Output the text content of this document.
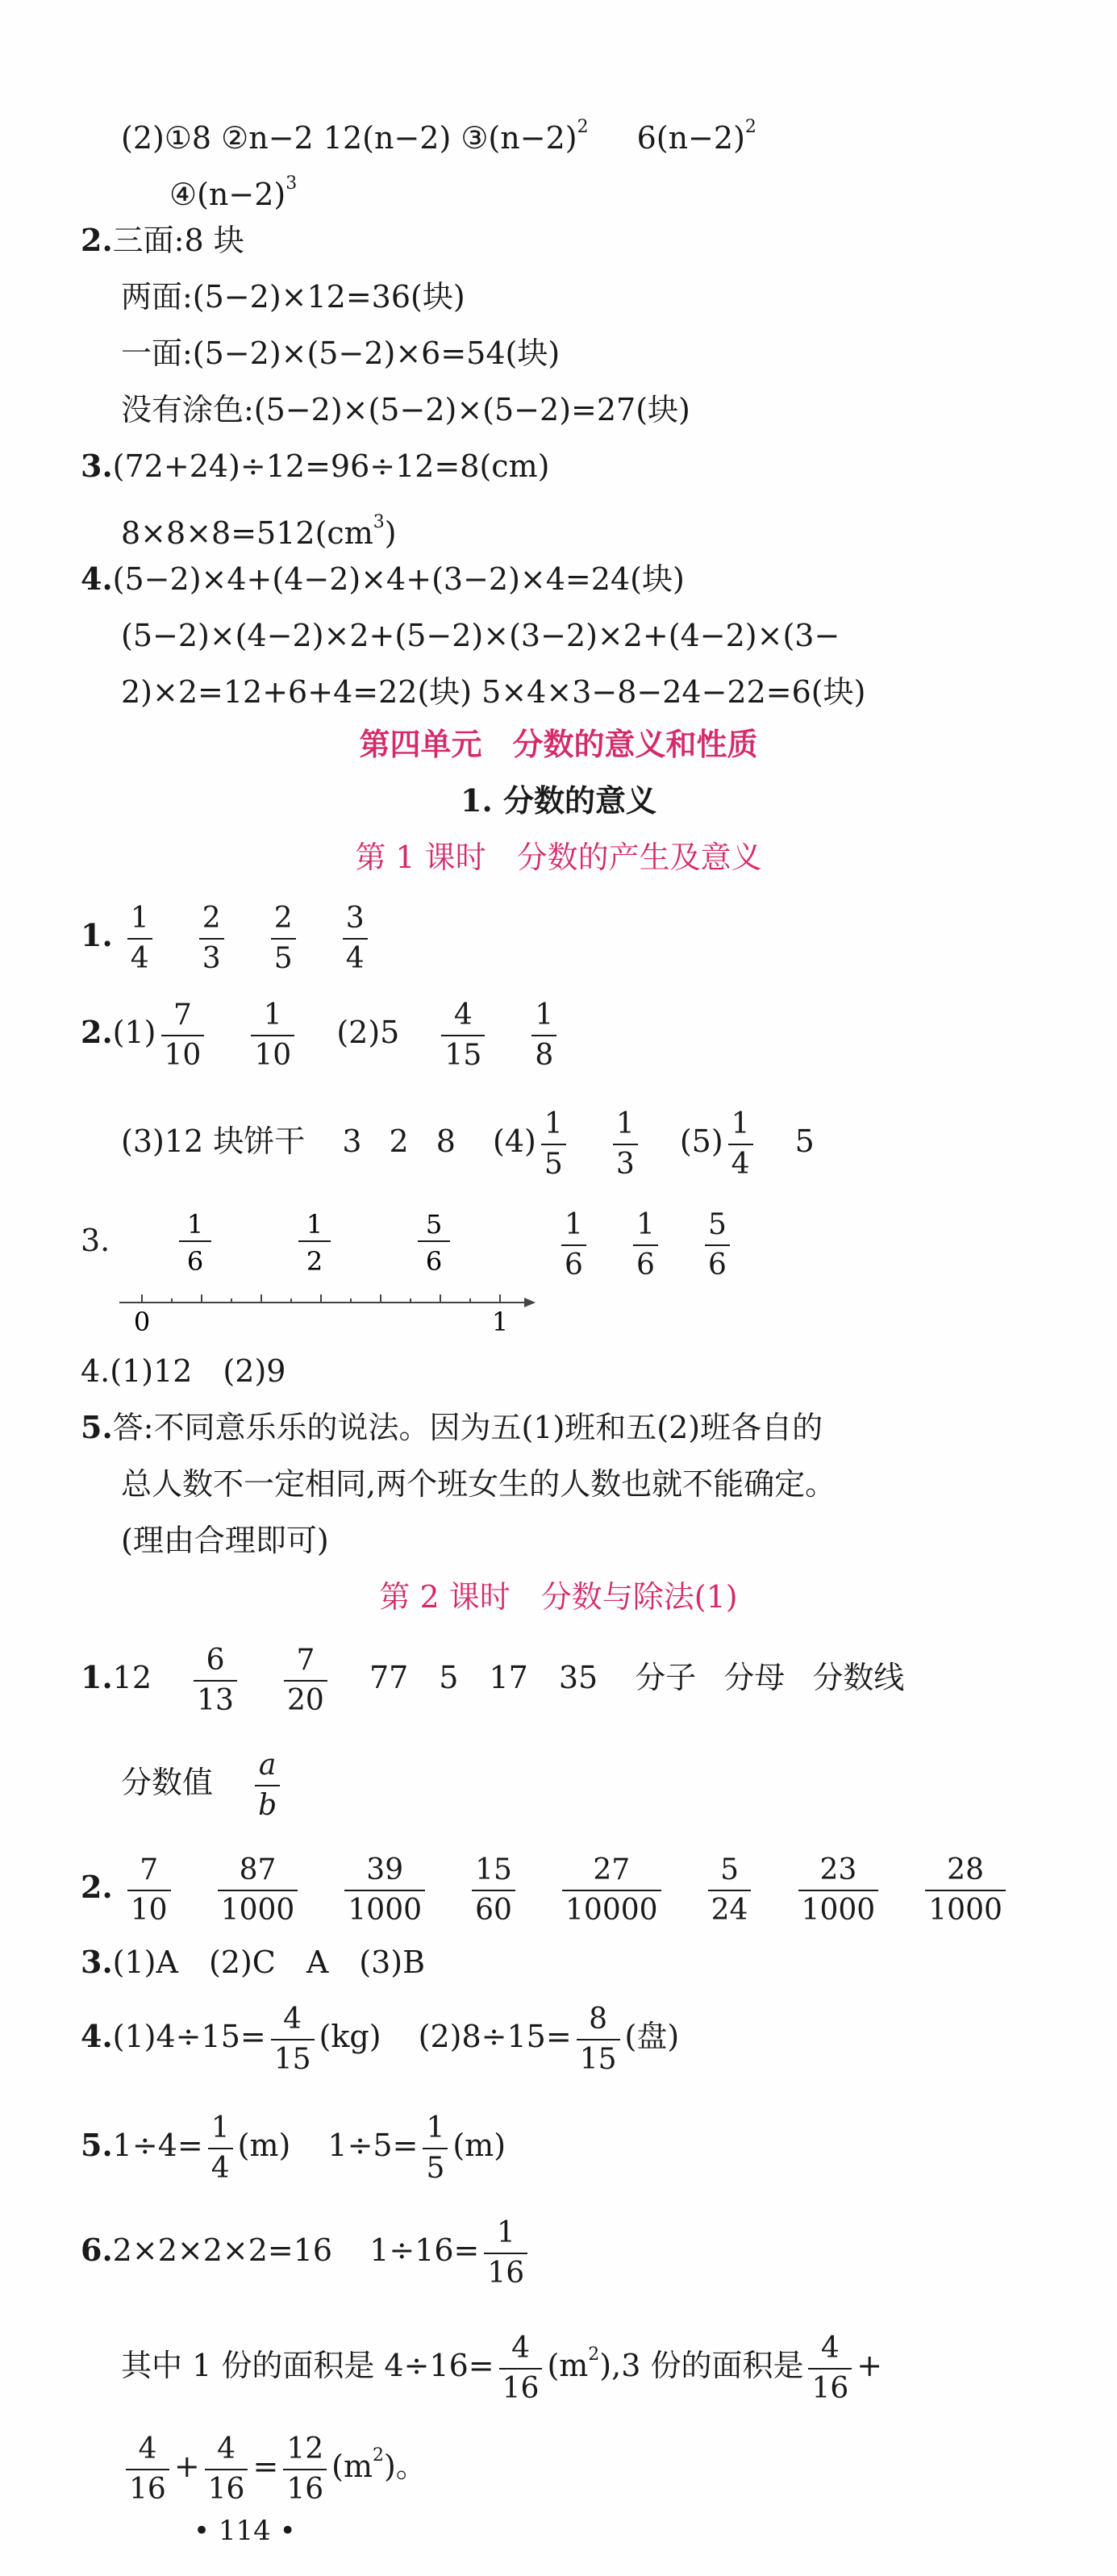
(2)①8 ②n−2 12(n−2) $③(n-2)^2$ $6(n-2)^2$
$④(n-2)^3$
2.三面:8 块
两面:(5−2)×12=36(块)
一面:(5−2)×(5−2)×6=54(块)
没有涂色:(5−2)×(5−2)×(5−2)=27(块)
3.(72+24)÷12=96÷12=8(cm)
$8\times 8\times 8=512(cm^3)$
4.(5−2)×4+(4−2)×4+(3−2)×4=24(块)
(5−2)×(4−2)×2+(5−2)×(3−2)×2+(4−2)×(3−
2)×2=12+6+4=22(块) 5×4×3−8−24−22=6(块)
第四单元　分数的意义和性质
1. 分数的意义
第 1 课时　分数的产生及意义
1. $\frac{1}{4}$
$\frac{2}{3}$
$\frac{2}{5}$
$\frac{3}{4}$
$2.(1) \frac{7}{10}$
$\frac{1}{10} (2)5 \frac{4}{15}$
$\frac{1}{8}$
(3)12 块饼干 3 2 8 $(4) \frac{1}{5}$
$\frac{1}{3} (5) \frac{1}{4} 5$
3.	1
6
1
2
5
6
0	1
$\frac{1}{6}$
$\frac{1}{6}$
$\frac{5}{6}$
4.(1)12　(2)9
5.答:不同意乐乐的说法。因为五(1)班和五(2)班各自的
总人数不一定相同,两个班女生的人数也就不能确定。
(理由合理即可)
第 2 课时　分数与除法(1)
$1.12 \frac{6}{13}$
$\frac{7}{20} 77$　5　17　35 分子 分母 分数线
分数值 $\frac{a}{b}$
2. $\frac{7}{10}$
$\frac{87}{1000}$
$\frac{39}{1000}$
$\frac{15}{60}$
$\frac{27}{10000}$
$\frac{5}{24}$
$\frac{23}{1000}$
$\frac{28}{1000}$
3.(1)A　(2)C　A　(3)B
$4.(1)4\div 15= \frac{4}{15} (kg)$ $(2)8\div 15= \frac{8}{15}$ (盘)
$5.1\div 4= \frac{1}{4} (m)$ $1\div 5= \frac{1}{5} (m)$
6.2×2×2×2=16 $1\div 16= \frac{1}{16}$
其中 1 份的面积是 $4\div 16= \frac{4}{16} (m^2),3$ 份的面积是 $\frac{4}{16}$ +
$\frac{4}{16} + \frac{4}{16} = \frac{12}{16} (m^2)$。
• 114 •
